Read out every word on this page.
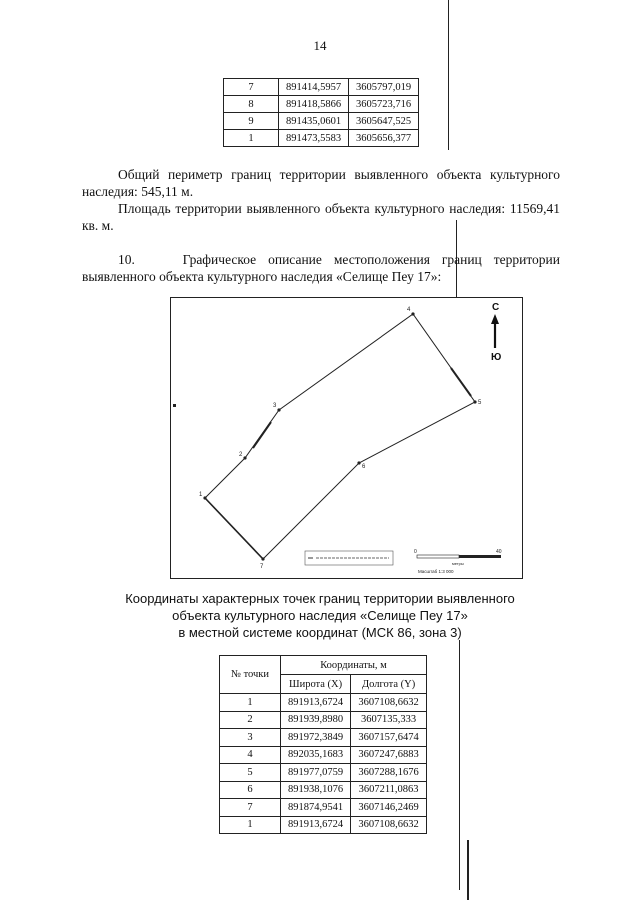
14
7	891414,5957	3605797,019
8	891418,5866	3605723,716
9	891435,0601	3605647,525
1	891473,5583	3605656,377
Общий периметр границ территории выявленного объекта культурного наследия: 545,11 м.
Площадь территории выявленного объекта культурного наследия: 11569,41 кв. м.
10.	Графическое описание местоположения границ территории выявленного объекта культурного наследия «Селище Пеу 17»:
1
2
3
4
5
6
7
С
Ю
0	40
метры
Масштаб 1:3 000
Координаты характерных точек границ территории выявленного
объекта культурного наследия «Селище Пеу 17»
в местной системе координат (МСК 86, зона 3)
№ точки	Координаты, м	
	Широта (X)	Долгота (Y)
1	891913,6724	3607108,6632
2	891939,8980	3607135,333
3	891972,3849	3607157,6474
4	892035,1683	3607247,6883
5	891977,0759	3607288,1676
6	891938,1076	3607211,0863
7	891874,9541	3607146,2469
1	891913,6724	3607108,6632
